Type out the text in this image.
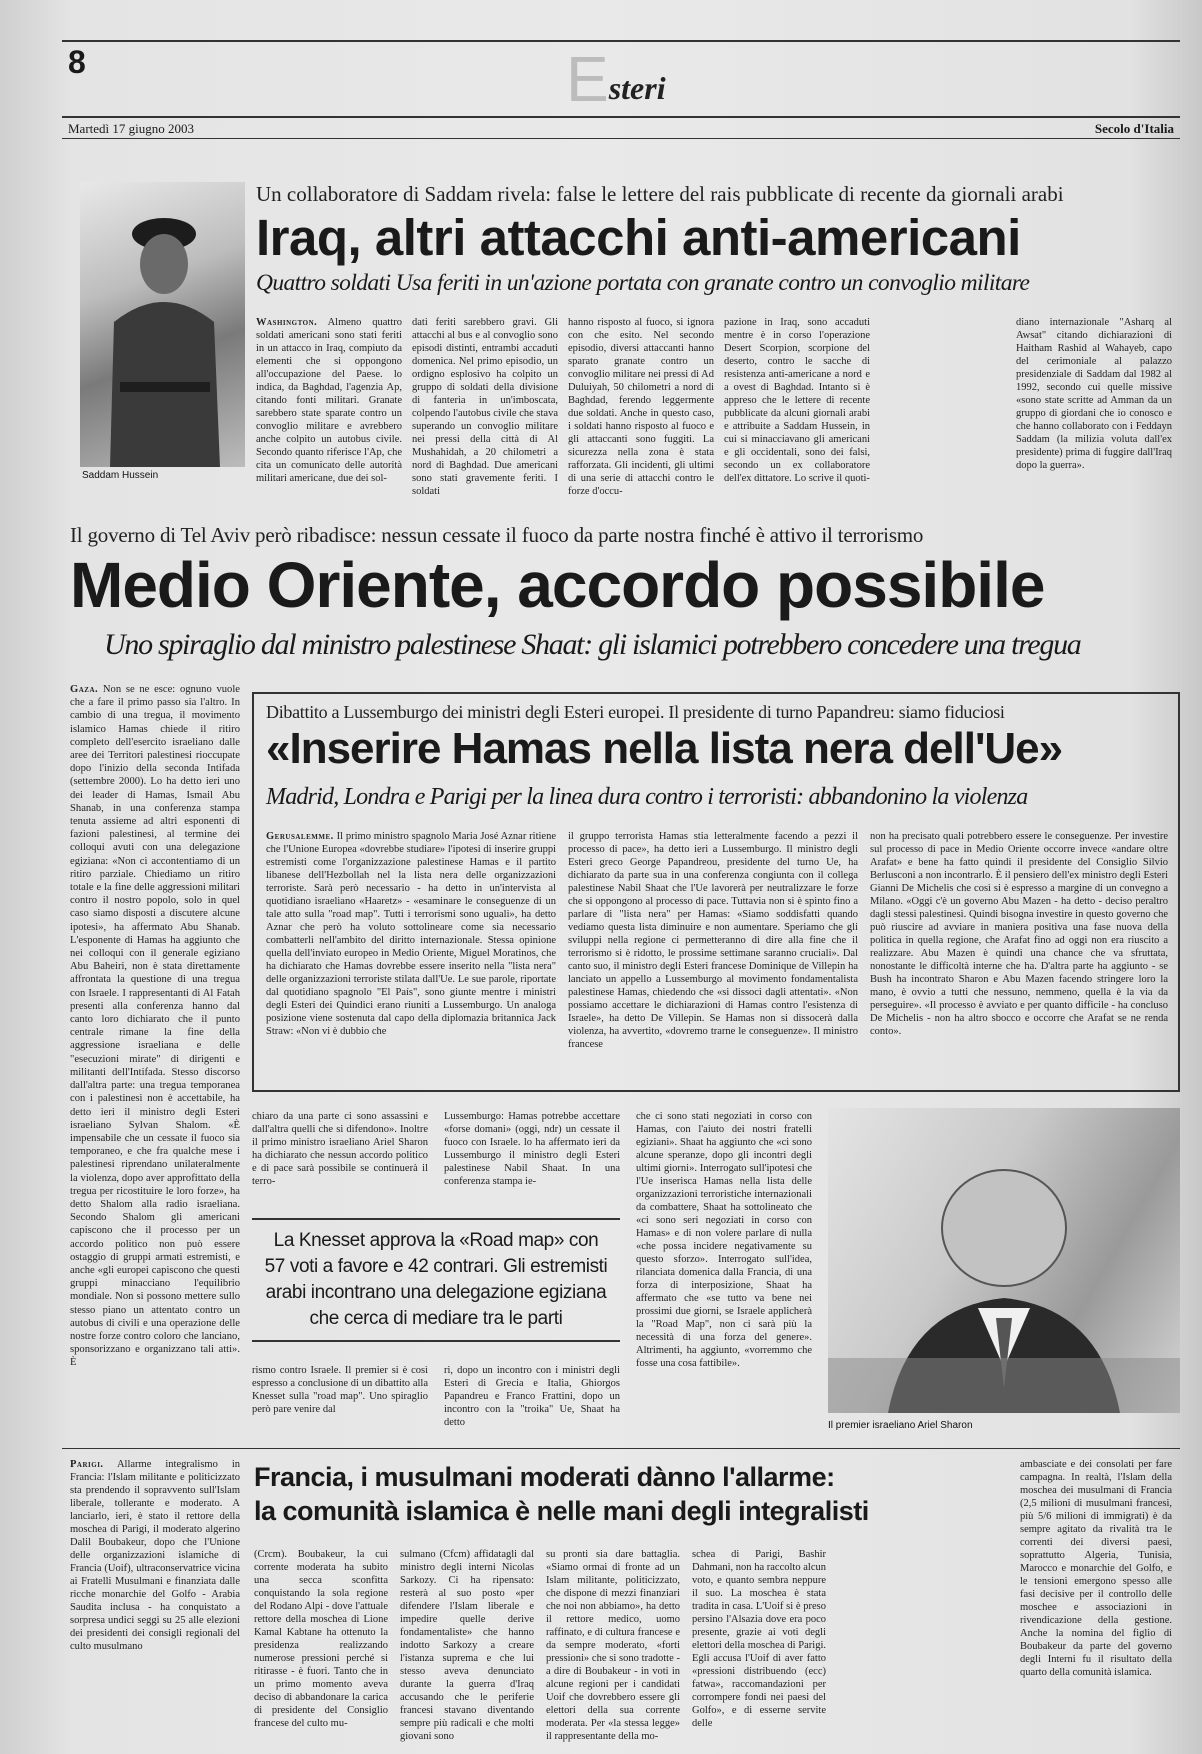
8	Esteri
Martedì 17 giugno 2003	Secolo d'Italia
Saddam Hussein
Un collaboratore di Saddam rivela: false le lettere del rais pubblicate di recente da giornali arabi
Iraq, altri attacchi anti-americani
Quattro soldati Usa feriti in un'azione portata con granate contro un convoglio militare
Washington. Almeno quattro soldati americani sono stati feriti in un attacco in Iraq, compiuto da elementi che si oppongono all'occupazione del Paese. lo indica, da Baghdad, l'agenzia Ap, citando fonti militari. Granate sarebbero state sparate contro un convoglio militare e avrebbero anche colpito un autobus civile. Secondo quanto riferisce l'Ap, che cita un comunicato delle autorità militari americane, due dei sol-
dati feriti sarebbero gravi. Gli attacchi al bus e al convoglio sono episodi distinti, entrambi accaduti domenica. Nel primo episodio, un ordigno esplosivo ha colpito un gruppo di soldati della divisione di fanteria in un'imboscata, colpendo l'autobus civile che stava superando un convoglio militare nei pressi della città di Al Mushahidah, a 20 chilometri a nord di Baghdad. Due americani sono stati gravemente feriti. I soldati
hanno risposto al fuoco, si ignora con che esito. Nel secondo episodio, diversi attaccanti hanno sparato granate contro un convoglio militare nei pressi di Ad Duluiyah, 50 chilometri a nord di Baghdad, ferendo leggermente due soldati. Anche in questo caso, i soldati hanno risposto al fuoco e gli attaccanti sono fuggiti. La sicurezza nella zona è stata rafforzata. Gli incidenti, gli ultimi di una serie di attacchi contro le forze d'occu-
pazione in Iraq, sono accaduti mentre è in corso l'operazione Desert Scorpion, scorpione del deserto, contro le sacche di resistenza anti-americane a nord e a ovest di Baghdad. Intanto si è appreso che le lettere di recente pubblicate da alcuni giornali arabi e attribuite a Saddam Hussein, in cui si minacciavano gli americani e gli occidentali, sono dei falsi, secondo un ex collaboratore dell'ex dittatore. Lo scrive il quoti-
diano internazionale "Asharq al Awsat" citando dichiarazioni di Haitham Rashid al Wahayeb, capo del cerimoniale al palazzo presidenziale di Saddam dal 1982 al 1992, secondo cui quelle missive «sono state scritte ad Amman da un gruppo di giordani che io conosco e che hanno collaborato con i Feddayn Saddam (la milizia voluta dall'ex presidente) prima di fuggire dall'Iraq dopo la guerra».
Il governo di Tel Aviv però ribadisce: nessun cessate il fuoco da parte nostra finché è attivo il terrorismo
Medio Oriente, accordo possibile
Uno spiraglio dal ministro palestinese Shaat: gli islamici potrebbero concedere una tregua
Gaza. Non se ne esce: ognuno vuole che a fare il primo passo sia l'altro. In cambio di una tregua, il movimento islamico Hamas chiede il ritiro completo dell'esercito israeliano dalle aree dei Territori palestinesi rioccupate dopo l'inizio della seconda Intifada (settembre 2000). Lo ha detto ieri uno dei leader di Hamas, Ismail Abu Shanab, in una conferenza stampa tenuta assieme ad altri esponenti di fazioni palestinesi, al termine dei colloqui avuti con una delegazione egiziana: «Non ci accontentiamo di un ritiro parziale. Chiediamo un ritiro totale e la fine delle aggressioni militari contro il nostro popolo, solo in quel caso siamo disposti a discutere alcune ipotesi», ha affermato Abu Shanab. L'esponente di Hamas ha aggiunto che nei colloqui con il generale egiziano Abu Baheiri, non è stata direttamente affrontata la questione di una tregua con Israele. I rappresentanti di Al Fatah presenti alla conferenza hanno dal canto loro dichiarato che il punto centrale rimane la fine della aggressione israeliana e delle "esecuzioni mirate" di dirigenti e militanti dell'Intifada. Stesso discorso dall'altra parte: una tregua temporanea con i palestinesi non è accettabile, ha detto ieri il ministro degli Esteri israeliano Sylvan Shalom. «È impensabile che un cessate il fuoco sia temporaneo, e che fra qualche mese i palestinesi riprendano unilateralmente la violenza, dopo aver approfittato della tregua per ricostituire le loro forze», ha detto Shalom alla radio israeliana. Secondo Shalom gli americani capiscono che il processo per un accordo politico non può essere ostaggio di gruppi armati estremisti, e anche «gli europei capiscono che questi gruppi minacciano l'equilibrio mondiale. Non si possono mettere sullo stesso piano un attentato contro un autobus di civili e una operazione delle nostre forze contro coloro che lanciano, sponsorizzano e organizzano tali atti». È
Dibattito a Lussemburgo dei ministri degli Esteri europei. Il presidente di turno Papandreu: siamo fiduciosi
«Inserire Hamas nella lista nera dell'Ue»
Madrid, Londra e Parigi per la linea dura contro i terroristi: abbandonino la violenza
Gerusalemme. Il primo ministro spagnolo Maria José Aznar ritiene che l'Unione Europea «dovrebbe studiare» l'ipotesi di inserire gruppi estremisti come l'organizzazione palestinese Hamas e il partito libanese dell'Hezbollah nel la lista nera delle organizzazioni terroriste. Sarà però necessario - ha detto in un'intervista al quotidiano israeliano «Haaretz» - «esaminare le conseguenze di un tale atto sulla "road map". Tutti i terrorismi sono uguali», ha detto Aznar che però ha voluto sottolineare come sia necessario combatterli nell'ambito del diritto internazionale. Stessa opinione quella dell'inviato europeo in Medio Oriente, Miguel Moratinos, che ha dichiarato che Hamas dovrebbe essere inserito nella "lista nera" delle organizzazioni terroriste stilata dall'Ue. Le sue parole, riportate dal quotidiano spagnolo "El País", sono giunte mentre i ministri degli Esteri dei Quindici erano riuniti a Lussemburgo. Un analoga posizione viene sostenuta dal capo della diplomazia britannica Jack Straw: «Non vi è dubbio che
il gruppo terrorista Hamas stia letteralmente facendo a pezzi il processo di pace», ha detto ieri a Lussemburgo. Il ministro degli Esteri greco George Papandreou, presidente del turno Ue, ha dichiarato da parte sua in una conferenza congiunta con il collega palestinese Nabil Shaat che l'Ue lavorerà per neutralizzare le forze che si oppongono al processo di pace. Tuttavia non si è spinto fino a parlare di "lista nera" per Hamas: «Siamo soddisfatti quando vediamo questa lista diminuire e non aumentare. Speriamo che gli sviluppi nella regione ci permetteranno di dire alla fine che il terrorismo si è ridotto, le prossime settimane saranno cruciali». Dal canto suo, il ministro degli Esteri francese Dominique de Villepin ha lanciato un appello a Lussemburgo al movimento fondamentalista palestinese Hamas, chiedendo che «si dissoci dagli attentati». «Non possiamo accettare le dichiarazioni di Hamas contro l'esistenza di Israele», ha detto De Villepin. Se Hamas non si dissocerà dalla violenza, ha avvertito, «dovremo trarne le conseguenze». Il ministro francese
non ha precisato quali potrebbero essere le conseguenze. Per investire sul processo di pace in Medio Oriente occorre invece «andare oltre Arafat» e bene ha fatto quindi il presidente del Consiglio Silvio Berlusconi a non incontrarlo. È il pensiero dell'ex ministro degli Esteri Gianni De Michelis che così si è espresso a margine di un convegno a Milano. «Oggi c'è un governo Abu Mazen - ha detto - deciso peraltro dagli stessi palestinesi. Quindi bisogna investire in questo governo che può riuscire ad avviare in maniera positiva una fase nuova della politica in quella regione, che Arafat fino ad oggi non era riuscito a realizzare. Abu Mazen è quindi una chance che va sfruttata, nonostante le difficoltà interne che ha. D'altra parte ha aggiunto - se Bush ha incontrato Sharon e Abu Mazen facendo stringere loro la mano, è ovvio a tutti che nessuno, nemmeno, quella è la via da perseguire». «Il processo è avviato e per quanto difficile - ha concluso De Michelis - non ha altro sbocco e occorre che Arafat se ne renda conto».
chiaro da una parte ci sono assassini e dall'altra quelli che si difendono». Inoltre il primo ministro israeliano Ariel Sharon ha dichiarato che nessun accordo politico e di pace sarà possibile se continuerà il terro-
Lussemburgo: Hamas potrebbe accettare «forse domani» (oggi, ndr) un cessate il fuoco con Israele. lo ha affermato ieri da Lussemburgo il ministro degli Esteri palestinese Nabil Shaat. In una conferenza stampa ie-
che ci sono stati negoziati in corso con Hamas, con l'aiuto dei nostri fratelli egiziani». Shaat ha aggiunto che «ci sono alcune speranze, dopo gli incontri degli ultimi giorni». Interrogato sull'ipotesi che l'Ue inserisca Hamas nella lista delle organizzazioni terroristiche internazionali da combattere, Shaat ha sottolineato che «ci sono seri negoziati in corso con Hamas» e di non volere parlare di nulla «che possa incidere negativamente su questo sforzo». Interrogato sull'idea, rilanciata domenica dalla Francia, di una forza di interposizione, Shaat ha affermato che «se tutto va bene nei prossimi due giorni, se Israele applicherà la "Road Map", non ci sarà più la necessità di una forza del genere». Altrimenti, ha aggiunto, «vorremmo che fosse una cosa fattibile».
La Knesset approva la «Road map» con 57 voti a favore e 42 contrari. Gli estremisti arabi incontrano una delegazione egiziana che cerca di mediare tra le parti
rismo contro Israele. Il premier si è così espresso a conclusione di un dibattito alla Knesset sulla "road map". Uno spiraglio però pare venire dal
ri, dopo un incontro con i ministri degli Esteri di Grecia e Italia, Ghiorgos Papandreu e Franco Frattini, dopo un incontro con la "troika" Ue, Shaat ha detto	Il premier israeliano Ariel Sharon
Parigi. Allarme integralismo in Francia: l'Islam militante e politicizzato sta prendendo il sopravvento sull'Islam liberale, tollerante e moderato. A lanciarlo, ieri, è stato il rettore della moschea di Parigi, il moderato algerino Dalil Boubakeur, dopo che l'Unione delle organizzazioni islamiche di Francia (Uoif), ultraconservatrice vicina ai Fratelli Musulmani e finanziata dalle ricche monarchie del Golfo - Arabia Saudita inclusa - ha conquistato a sorpresa undici seggi su 25 alle elezioni dei presidenti dei consigli regionali del culto musulmano
Francia, i musulmani moderati dànno l'allarme:
la comunità islamica è nelle mani degli integralisti
(Crcm). Boubakeur, la cui corrente moderata ha subito una secca sconfitta conquistando la sola regione del Rodano Alpi - dove l'attuale rettore della moschea di Lione Kamal Kabtane ha ottenuto la presidenza realizzando numerose pressioni perché si ritirasse - è fuori. Tanto che in un primo momento aveva deciso di abbandonare la carica di presidente del Consiglio francese del culto mu-
sulmano (Cfcm) affidatagli dal ministro degli interni Nicolas Sarkozy. Ci ha ripensato: resterà al suo posto «per difendere l'Islam liberale e impedire quelle derive fondamentaliste» che hanno indotto Sarkozy a creare l'istanza suprema e che lui stesso aveva denunciato durante la guerra d'Iraq accusando che le periferie francesi stavano diventando sempre più radicali e che molti giovani sono
su pronti sia dare battaglia. «Siamo ormai di fronte ad un Islam militante, politicizzato, che dispone di mezzi finanziari che noi non abbiamo», ha detto il rettore medico, uomo raffinato, e di cultura francese e da sempre moderato, «forti pressioni» che si sono tradotte - a dire di Boubakeur - in voti in alcune regioni per i candidati Uoif che dovrebbero essere gli elettori della sua corrente moderata. Per «la stessa legge» il rappresentante della mo-
schea di Parigi, Bashir Dahmani, non ha raccolto alcun voto, e quanto sembra neppure il suo. La moschea è stata tradita in casa. L'Uoif si è preso persino l'Alsazia dove era poco presente, grazie ai voti degli elettori della moschea di Parigi. Egli accusa l'Uoif di aver fatto «pressioni distribuendo (ecc) fatwa», raccomandazioni per corrompere fondi nei paesi del Golfo», e di esserne servite delle
ambasciate e dei consolati per fare campagna. In realtà, l'Islam della moschea dei musulmani di Francia (2,5 milioni di musulmani francesi, più 5/6 milioni di immigrati) è da sempre agitato da rivalità tra le correnti dei diversi paesi, soprattutto Algeria, Tunisia, Marocco e monarchie del Golfo, e le tensioni emergono spesso alle fasi decisive per il controllo delle moschee e associazioni in rivendicazione della gestione. Anche la nomina del figlio di Boubakeur da parte del governo degli Interni fu il risultato della quarto della comunità islamica.
